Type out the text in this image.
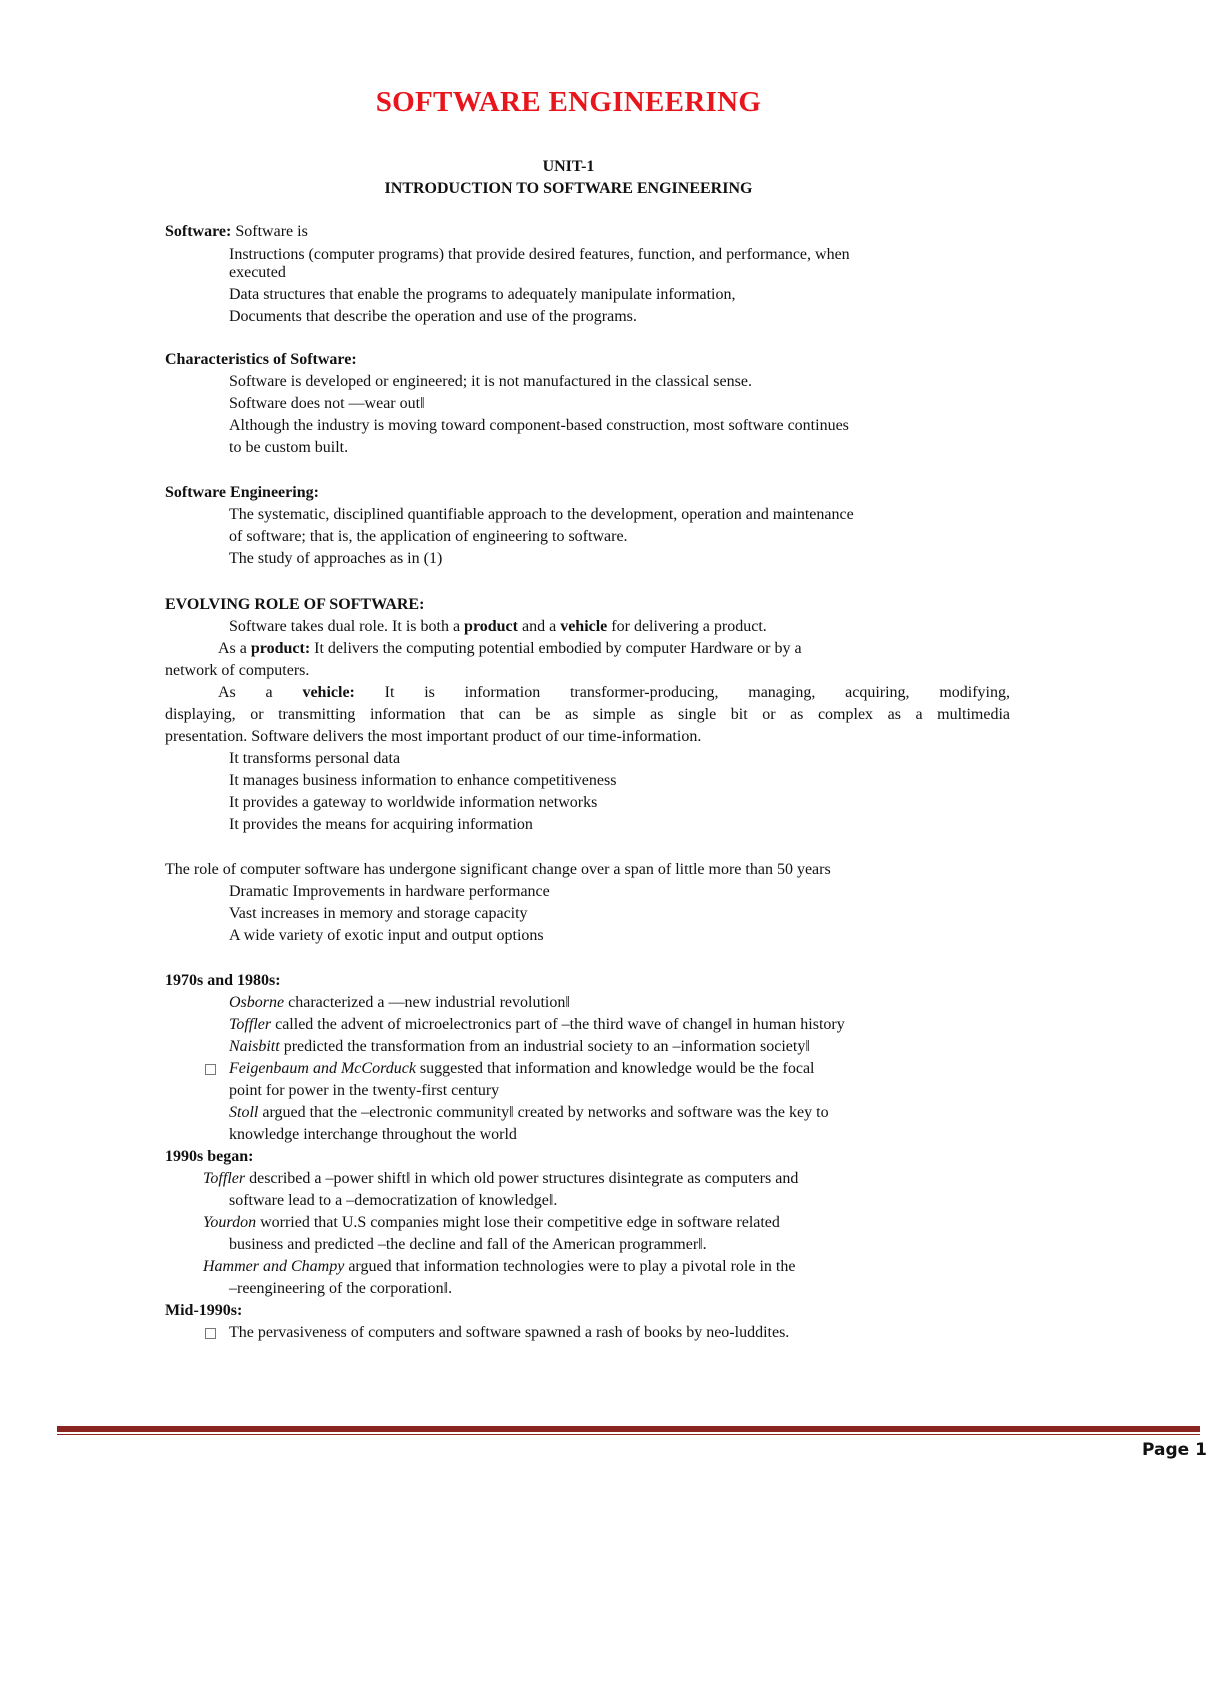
SOFTWARE ENGINEERING
UNIT-1
INTRODUCTION TO SOFTWARE ENGINEERING
Software: Software is
Instructions (computer programs) that provide desired features, function, and performance, when
executed
Data structures that enable the programs to adequately manipulate information,
Documents that describe the operation and use of the programs.
Characteristics of Software:
Software is developed or engineered; it is not manufactured in the classical sense.
Software does not —wear out‖
Although the industry is moving toward component-based construction, most software continues
to be custom built.
Software Engineering:
The systematic, disciplined quantifiable approach to the development, operation and maintenance
of software; that is, the application of engineering to software.
The study of approaches as in (1)
EVOLVING ROLE OF SOFTWARE:
Software takes dual role. It is both a product and a vehicle for delivering a product.
As a product: It delivers the computing potential embodied by computer Hardware or by a
network of computers.
As a vehicle: It is information transformer-producing, managing, acquiring, modifying,
displaying, or transmitting information that can be as simple as single bit or as complex as a multimedia
presentation. Software delivers the most important product of our time-information.
It transforms personal data
It manages business information to enhance competitiveness
It provides a gateway to worldwide information networks
It provides the means for acquiring information
The role of computer software has undergone significant change over a span of little more than 50 years
Dramatic Improvements in hardware performance
Vast increases in memory and storage capacity
A wide variety of exotic input and output options
1970s and 1980s:
Osborne characterized a —new industrial revolution‖
Toffler called the advent of microelectronics part of –the third wave of change‖ in human history
Naisbitt predicted the transformation from an industrial society to an –information society‖
Feigenbaum and McCorduck suggested that information and knowledge would be the focal
point for power in the twenty-first century
Stoll argued that the –electronic community‖ created by networks and software was the key to
knowledge interchange throughout the world
1990s began:
Toffler described a –power shift‖ in which old power structures disintegrate as computers and
software lead to a –democratization of knowledge‖.
Yourdon worried that U.S companies might lose their competitive edge in software related
business and predicted –the decline and fall of the American programmer‖.
Hammer and Champy argued that information technologies were to play a pivotal role in the
–reengineering of the corporation‖.
Mid-1990s:
The pervasiveness of computers and software spawned a rash of books by neo-luddites.
Page 1
